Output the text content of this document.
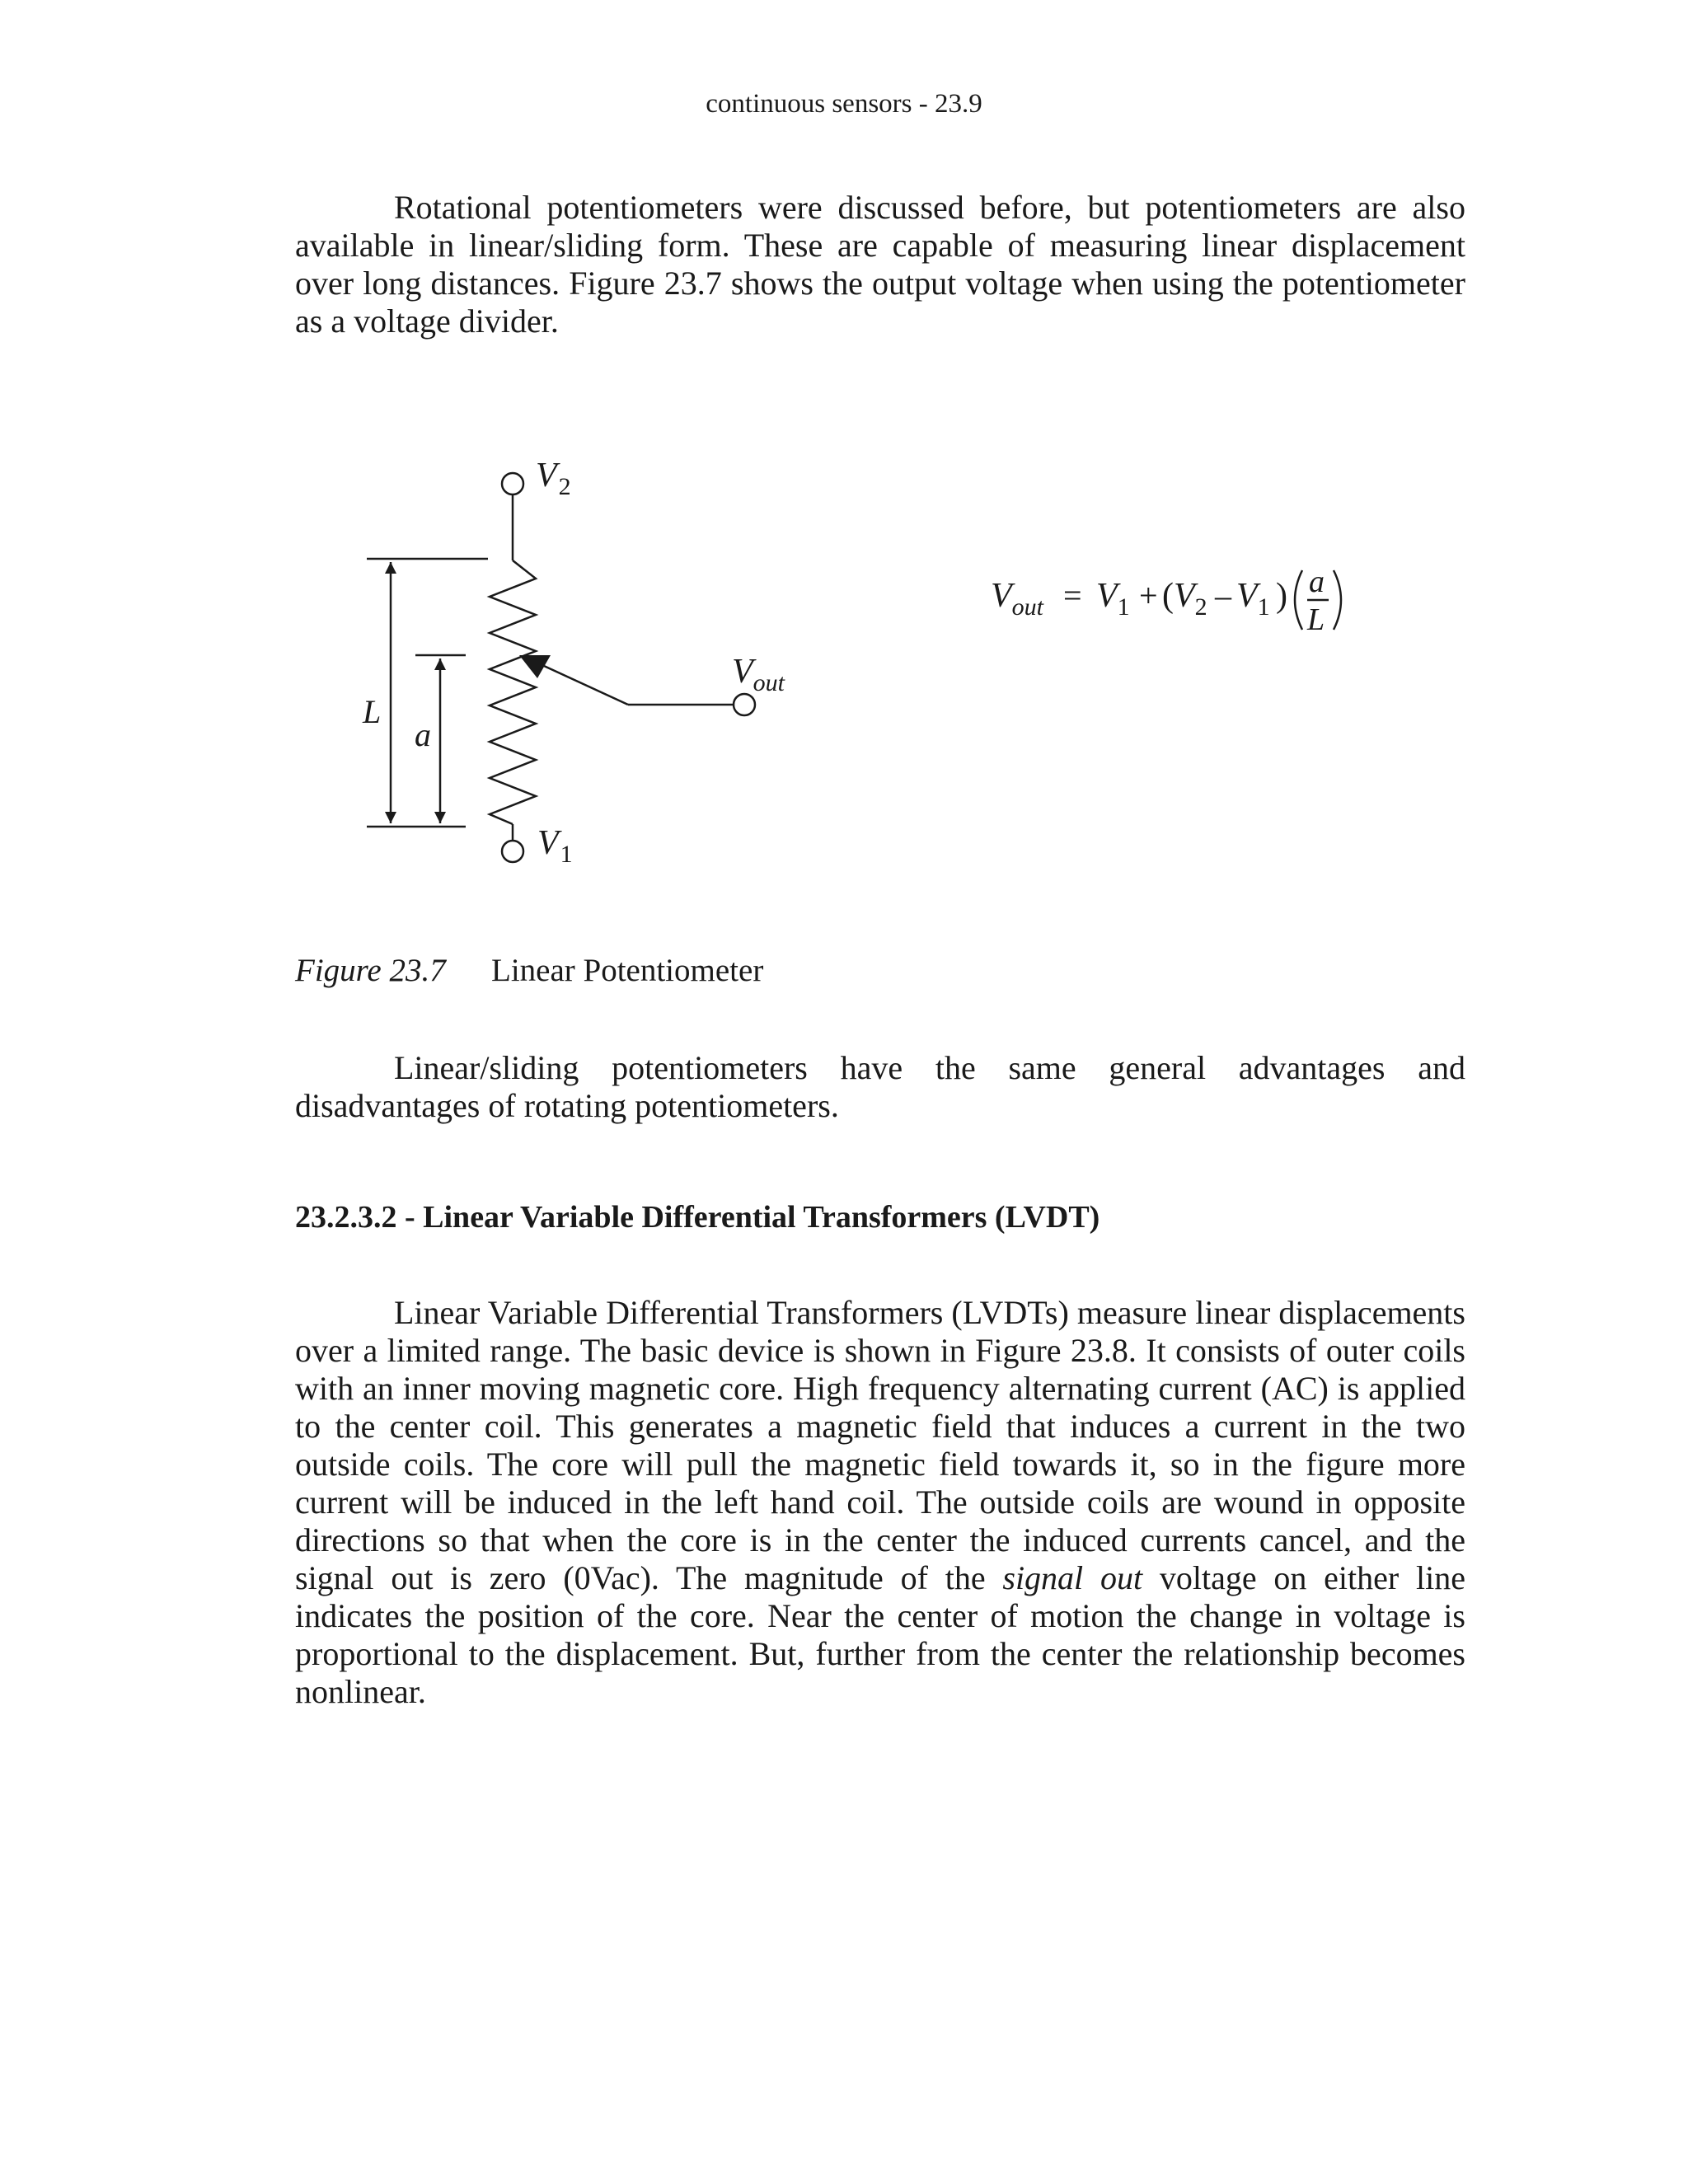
continuous sensors - 23.9

Rotational potentiometers were discussed before, but potentiometers are also available in linear/sliding form. These are capable of measuring linear displacement over long distances. Figure 23.7 shows the output voltage when using the potentiometer as a voltage divider.

$V_2$
$V_1$
$V_{out}$
L
a
$V_{out} = V_1$ + ( $V_2 - V_1$ ) a
L
Figure 23.7 Linear Potentiometer

Linear/sliding potentiometers have the same general advantages and disadvantages of rotating potentiometers.

23.2.3.2 - Linear Variable Differential Transformers (LVDT)

Linear Variable Differential Transformers (LVDTs) measure linear displacements over a limited range. The basic device is shown in Figure 23.8. It consists of outer coils with an inner moving magnetic core. High frequency alternating current (AC) is applied to the center coil. This generates a magnetic field that induces a current in the two outside coils. The core will pull the magnetic field towards it, so in the figure more current will be induced in the left hand coil. The outside coils are wound in opposite directions so that when the core is in the center the induced currents cancel, and the signal out is zero (0Vac). The magnitude of the signal out voltage on either line indicates the position of the core. Near the center of motion the change in voltage is proportional to the displacement. But, further from the center the relationship becomes nonlinear.
